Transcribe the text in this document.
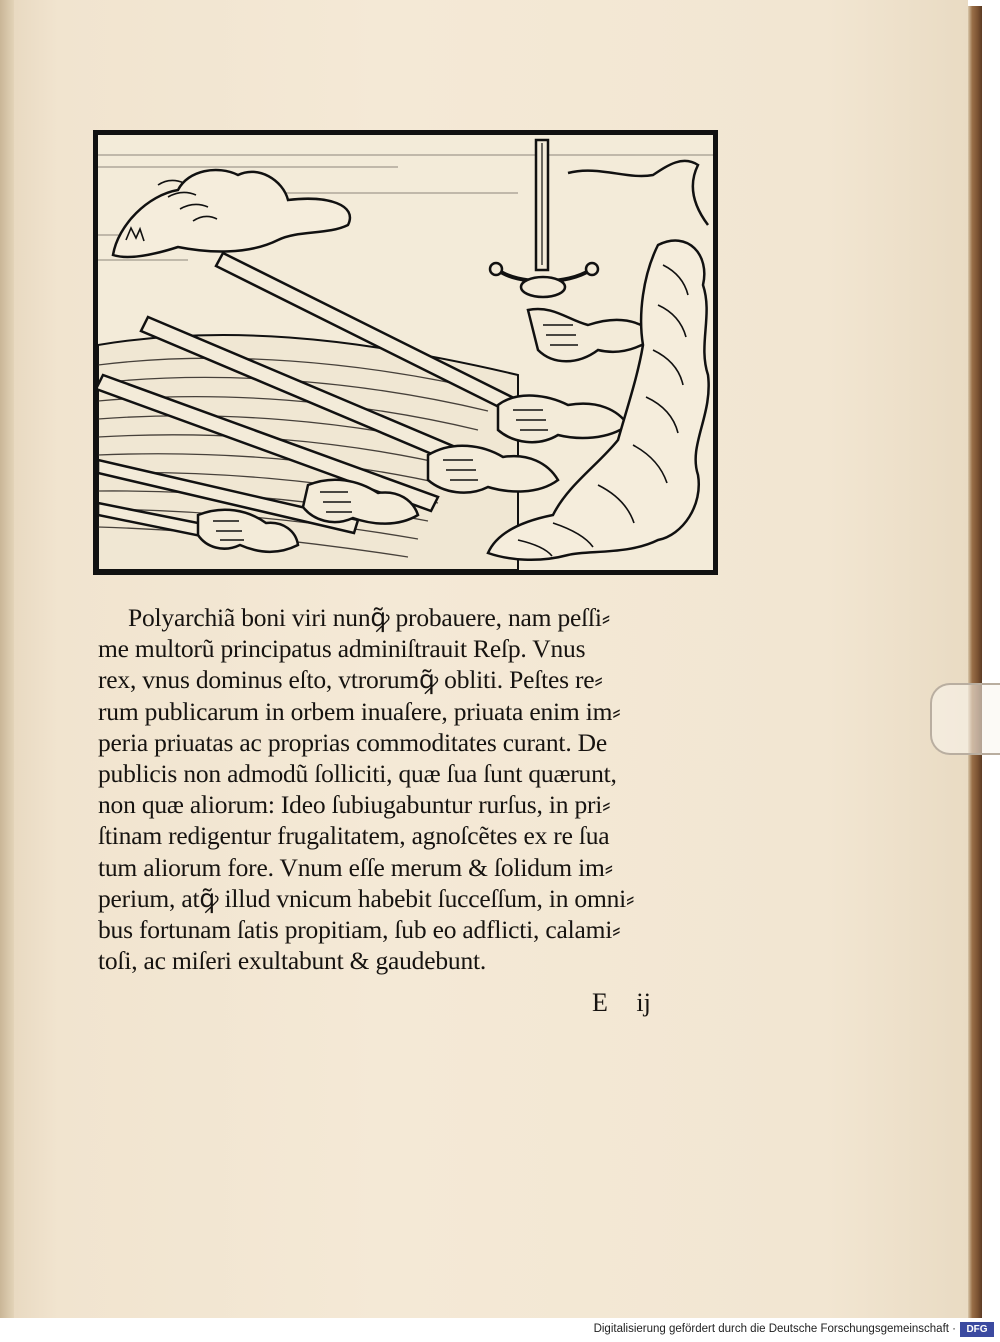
Polyarchiã boni viri nunꝙ̃ probauere, nam peſſi⸗
me multorũ principatus adminiſtrauit Reſp. Vnus
rex, vnus dominus eſto, vtrorumꝙ̃ obliti. Peſtes re⸗
rum publicarum in orbem inuaſere, priuata enim im⸗
peria priuatas ac proprias commoditates curant. De
publicis non admodũ ſolliciti, quæ ſua ſunt quærunt,
non quæ aliorum: Ideo ſubiugabuntur rurſus, in pri⸗
ſtinam redigentur frugalitatem, agnoſcẽtes ex re ſua
tum aliorum fore. Vnum eſſe merum & ſolidum im⸗
perium, atꝙ̃ illud vnicum habebit ſucceſſum, in omni⸗
bus fortunam ſatis propitiam, ſub eo adflicti, calami⸗
toſi, ac miſeri exultabunt & gaudebunt.
E ij
Digitalisierung gefördert durch die Deutsche Forschungsgemeinschaft ·	DFG
